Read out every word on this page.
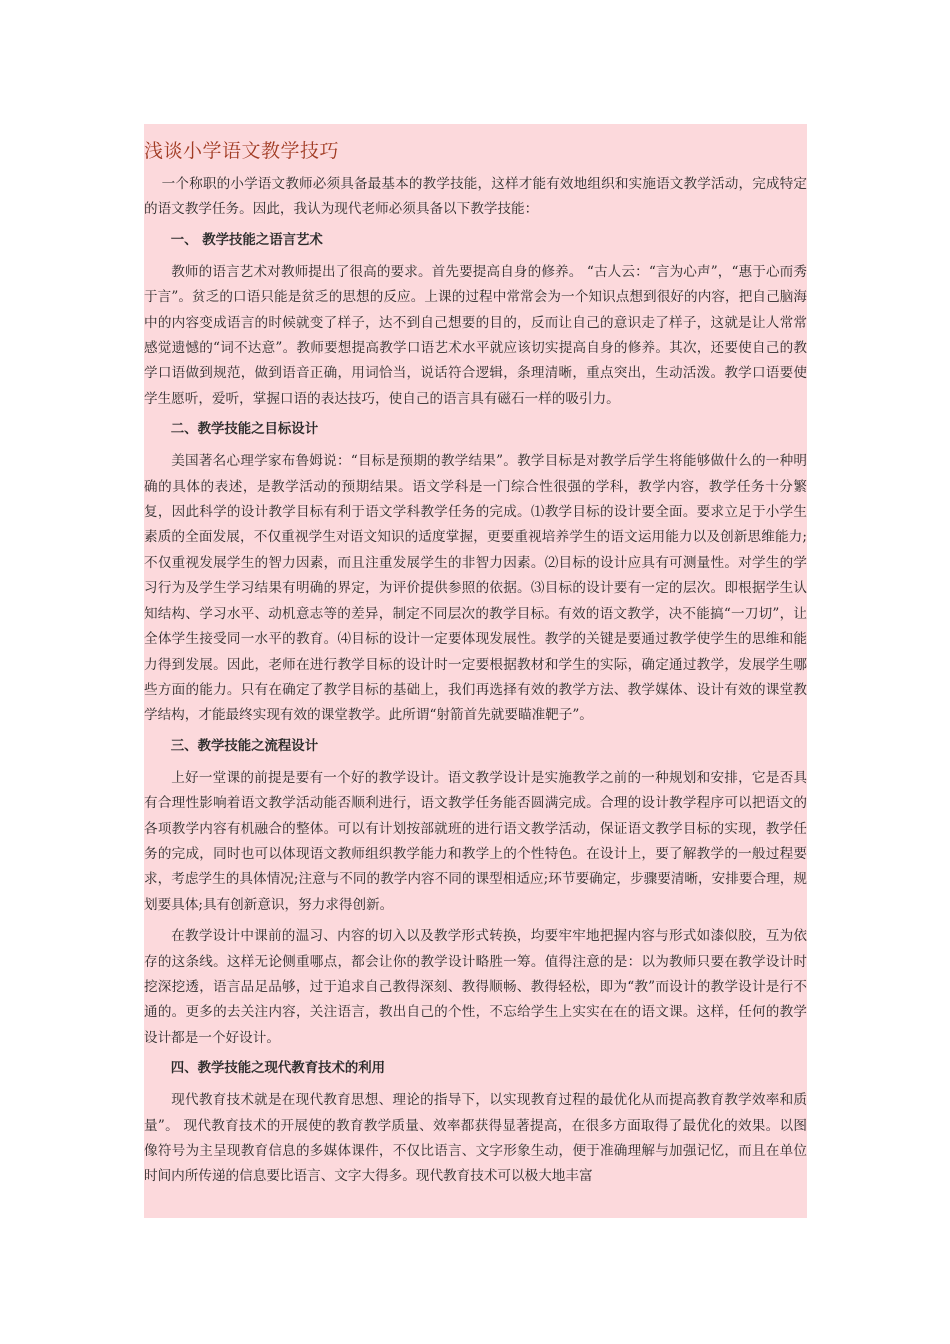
浅谈小学语文教学技巧
一个称职的小学语文教师必须具备最基本的教学技能，这样才能有效地组织和实施语文教学活动，完成特定的语文教学任务。因此，我认为现代老师必须具备以下教学技能：
一、 教学技能之语言艺术
教师的语言艺术对教师提出了很高的要求。首先要提高自身的修养。 “古人云：“言为心声”，“惠于心而秀于言”。贫乏的口语只能是贫乏的思想的反应。上课的过程中常常会为一个知识点想到很好的内容，把自己脑海中的内容变成语言的时候就变了样子，达不到自己想要的目的，反而让自己的意识走了样子，这就是让人常常感觉遗憾的“词不达意”。教师要想提高教学口语艺术水平就应该切实提高自身的修养。其次，还要使自己的教学口语做到规范，做到语音正确，用词恰当，说话符合逻辑，条理清晰，重点突出，生动活泼。教学口语要使学生愿听，爱听，掌握口语的表达技巧，使自己的语言具有磁石一样的吸引力。
二、教学技能之目标设计
美国著名心理学家布鲁姆说：“目标是预期的教学结果”。教学目标是对教学后学生将能够做什么的一种明确的具体的表述，是教学活动的预期结果。语文学科是一门综合性很强的学科，教学内容，教学任务十分繁复，因此科学的设计教学目标有利于语文学科教学任务的完成。⑴教学目标的设计要全面。要求立足于小学生素质的全面发展，不仅重视学生对语文知识的适度掌握，更要重视培养学生的语文运用能力以及创新思维能力;不仅重视发展学生的智力因素，而且注重发展学生的非智力因素。⑵目标的设计应具有可测量性。对学生的学习行为及学生学习结果有明确的界定，为评价提供参照的依据。⑶目标的设计要有一定的层次。即根据学生认知结构、学习水平、动机意志等的差异，制定不同层次的教学目标。有效的语文教学，决不能搞“一刀切”，让全体学生接受同一水平的教育。⑷目标的设计一定要体现发展性。教学的关键是要通过教学使学生的思维和能力得到发展。因此，老师在进行教学目标的设计时一定要根据教材和学生的实际，确定通过教学，发展学生哪些方面的能力。只有在确定了教学目标的基础上，我们再选择有效的教学方法、教学媒体、设计有效的课堂教学结构，才能最终实现有效的课堂教学。此所谓“射箭首先就要瞄准靶子”。
三、教学技能之流程设计
上好一堂课的前提是要有一个好的教学设计。语文教学设计是实施教学之前的一种规划和安排，它是否具有合理性影响着语文教学活动能否顺利进行，语文教学任务能否圆满完成。合理的设计教学程序可以把语文的各项教学内容有机融合的整体。可以有计划按部就班的进行语文教学活动，保证语文教学目标的实现，教学任务的完成，同时也可以体现语文教师组织教学能力和教学上的个性特色。在设计上，要了解教学的一般过程要求，考虑学生的具体情况;注意与不同的教学内容不同的课型相适应;环节要确定，步骤要清晰，安排要合理，规划要具体;具有创新意识，努力求得创新。
在教学设计中课前的温习、内容的切入以及教学形式转换，均要牢牢地把握内容与形式如漆似胶，互为依存的这条线。这样无论侧重哪点，都会让你的教学设计略胜一筹。值得注意的是：以为教师只要在教学设计时挖深挖透，语言品足品够，过于追求自己教得深刻、教得顺畅、教得轻松，即为“教”而设计的教学设计是行不通的。更多的去关注内容，关注语言，教出自己的个性，不忘给学生上实实在在的语文课。这样，任何的教学设计都是一个好设计。
四、教学技能之现代教育技术的利用
现代教育技术就是在现代教育思想、理论的指导下，以实现教育过程的最优化从而提高教育教学效率和质量”。 现代教育技术的开展使的教育教学质量、效率都获得显著提高，在很多方面取得了最优化的效果。以图像符号为主呈现教育信息的多媒体课件，不仅比语言、文字形象生动，便于准确理解与加强记忆，而且在单位时间内所传递的信息要比语言、文字大得多。现代教育技术可以极大地丰富
